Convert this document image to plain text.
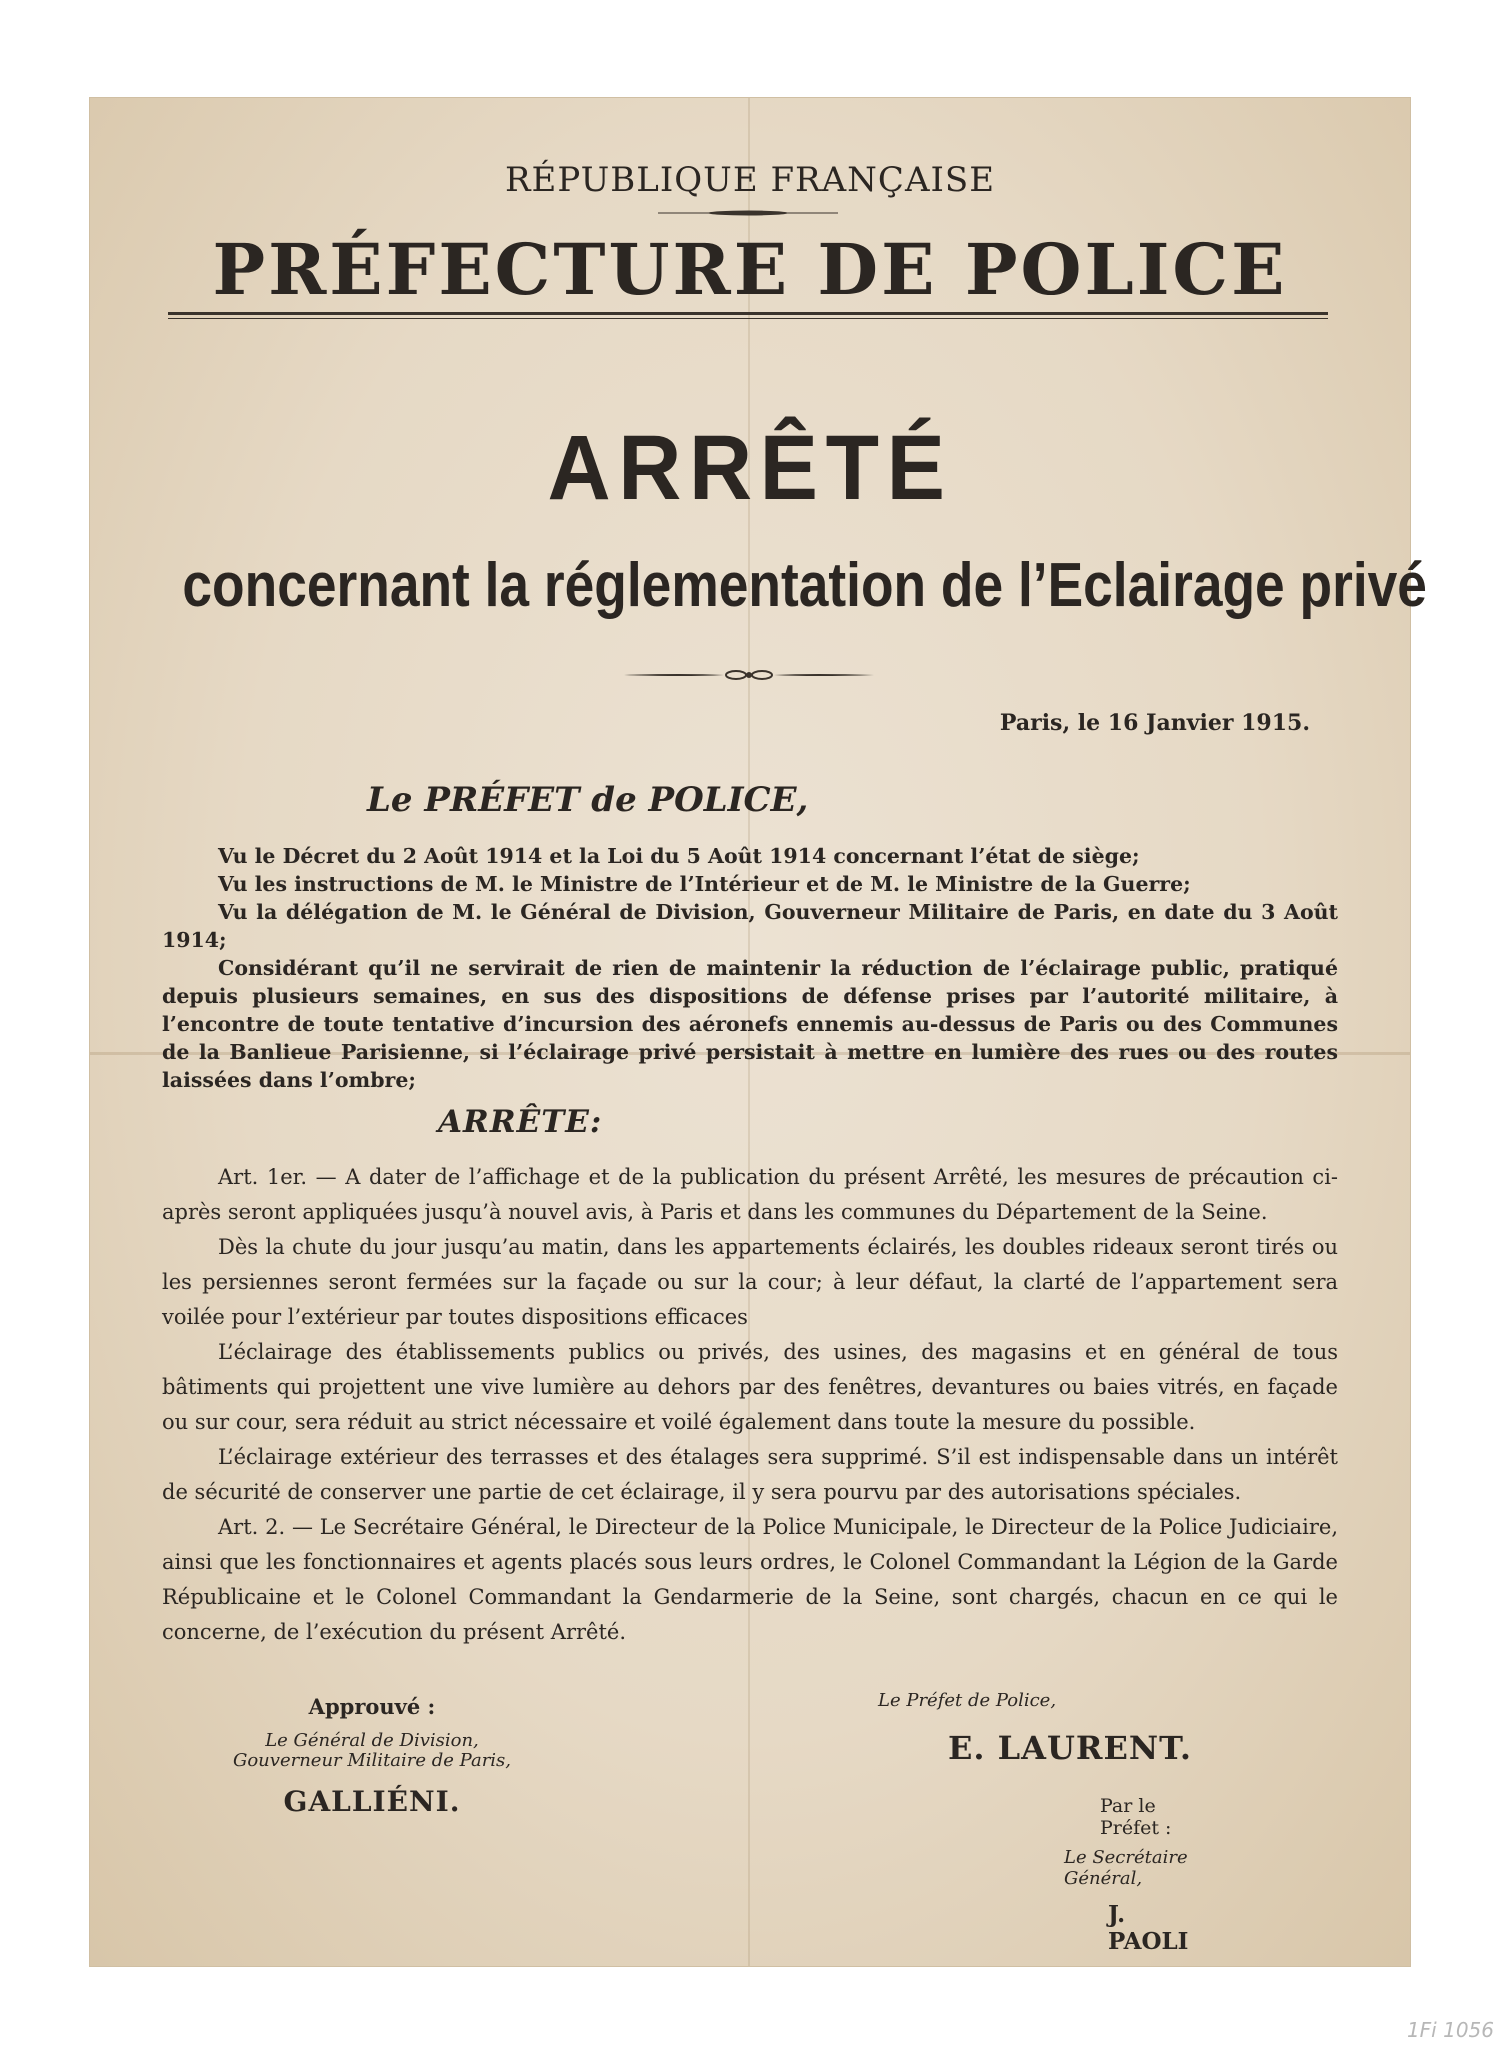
RÉPUBLIQUE FRANÇAISE
PRÉFECTURE DE POLICE
ARRÊTÉ
concernant la réglementation de l’Eclairage privé
Paris, le 16 Janvier 1915.
Le PRÉFET de POLICE,

Vu le Décret du 2 Août 1914 et la Loi du 5 Août 1914 concernant l’état de siège;

Vu les instructions de M. le Ministre de l’Intérieur et de M. le Ministre de la Guerre;

Vu la délégation de M. le Général de Division, Gouverneur Militaire de Paris, en date du 3 Août 1914;

Considérant qu’il ne servirait de rien de maintenir la réduction de l’éclairage public, pratiqué depuis plusieurs semaines, en sus des dispositions de défense prises par l’autorité militaire, à l’encontre de toute tentative d’incursion des aéronefs ennemis au-dessus de Paris ou des Communes de la Banlieue Parisienne, si l’éclairage privé persistait à mettre en lumière des rues ou des routes laissées dans l’ombre;

ARRÊTE:

Art. 1er. — A dater de l’affichage et de la publication du présent Arrêté, les mesures de précaution ci-après seront appliquées jusqu’à nouvel avis, à Paris et dans les communes du Département de la Seine.

Dès la chute du jour jusqu’au matin, dans les appartements éclairés, les doubles rideaux seront tirés ou les persiennes seront fermées sur la façade ou sur la cour; à leur défaut, la clarté de l’appartement sera voilée pour l’extérieur par toutes dispositions efficaces

L’éclairage des établissements publics ou privés, des usines, des magasins et en général de tous bâtiments qui projettent une vive lumière au dehors par des fenêtres, devantures ou baies vitrés, en façade ou sur cour, sera réduit au strict nécessaire et voilé également dans toute la mesure du possible.

L’éclairage extérieur des terrasses et des étalages sera supprimé. S’il est indispensable dans un intérêt de sécurité de conserver une partie de cet éclairage, il y sera pourvu par des autorisations spéciales.

Art. 2. — Le Secrétaire Général, le Directeur de la Police Municipale, le Directeur de la Police Judiciaire, ainsi que les fonctionnaires et agents placés sous leurs ordres, le Colonel Commandant la Légion de la Garde Républicaine et le Colonel Commandant la Gendarmerie de la Seine, sont chargés, chacun en ce qui le concerne, de l’exécution du présent Arrêté.

Approuvé :
Le Général de Division,
Gouverneur Militaire de Paris,
GALLIÉNI.
Le Préfet de Police,
E. LAURENT.
Par le Préfet :
Le Secrétaire Général,
J. PAOLI
1Fi 1056
